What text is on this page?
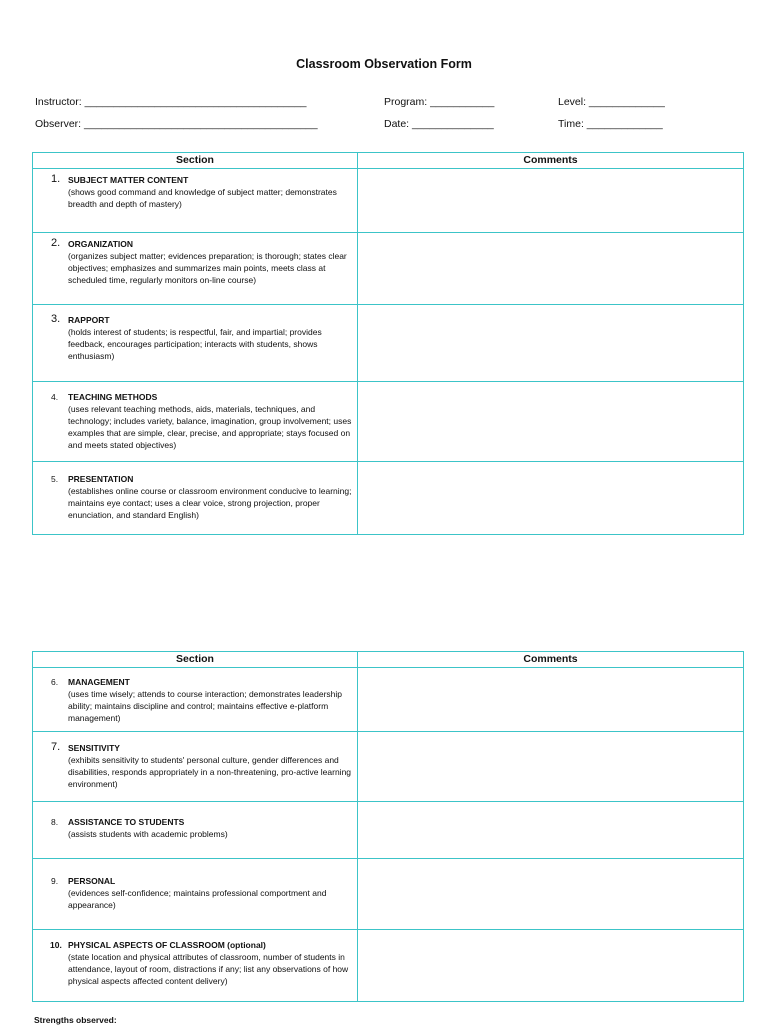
Classroom Observation Form
Instructor: ______________________________________
Observer: ________________________________________
Program: ___________
Date: ______________
Level: _____________
Time: _____________
Section	Comments

1. SUBJECT MATTER CONTENT
(shows good command and knowledge of subject matter; demonstrates breadth and depth of mastery)	

2. ORGANIZATION
(organizes subject matter; evidences preparation; is thorough; states clear objectives; emphasizes and summarizes main points, meets class at scheduled time, regularly monitors on-line course)	

3. RAPPORT
(holds interest of students; is respectful, fair, and impartial; provides feedback, encourages participation; interacts with students, shows enthusiasm)	

4. TEACHING METHODS
(uses relevant teaching methods, aids, materials, techniques, and technology; includes variety, balance, imagination, group involvement; uses examples that are simple, clear, precise, and appropriate; stays focused on and meets stated objectives)	

5. PRESENTATION
(establishes online course or classroom environment conducive to learning; maintains eye contact; uses a clear voice, strong projection, proper enunciation, and standard English)	

Section	Comments

6. MANAGEMENT
(uses time wisely; attends to course interaction; demonstrates leadership ability; maintains discipline and control; maintains effective e-platform management)	

7. SENSITIVITY
(exhibits sensitivity to students' personal culture, gender differences and disabilities, responds appropriately in a non-threatening, pro-active learning environment)	

8. ASSISTANCE TO STUDENTS
(assists students with academic problems)	

9. PERSONAL
(evidences self-confidence; maintains professional comportment and appearance)	

10. PHYSICAL ASPECTS OF CLASSROOM (optional)
(state location and physical attributes of classroom, number of students in attendance, layout of room, distractions if any; list any observations of how physical aspects affected content delivery)	

Strengths observed:
